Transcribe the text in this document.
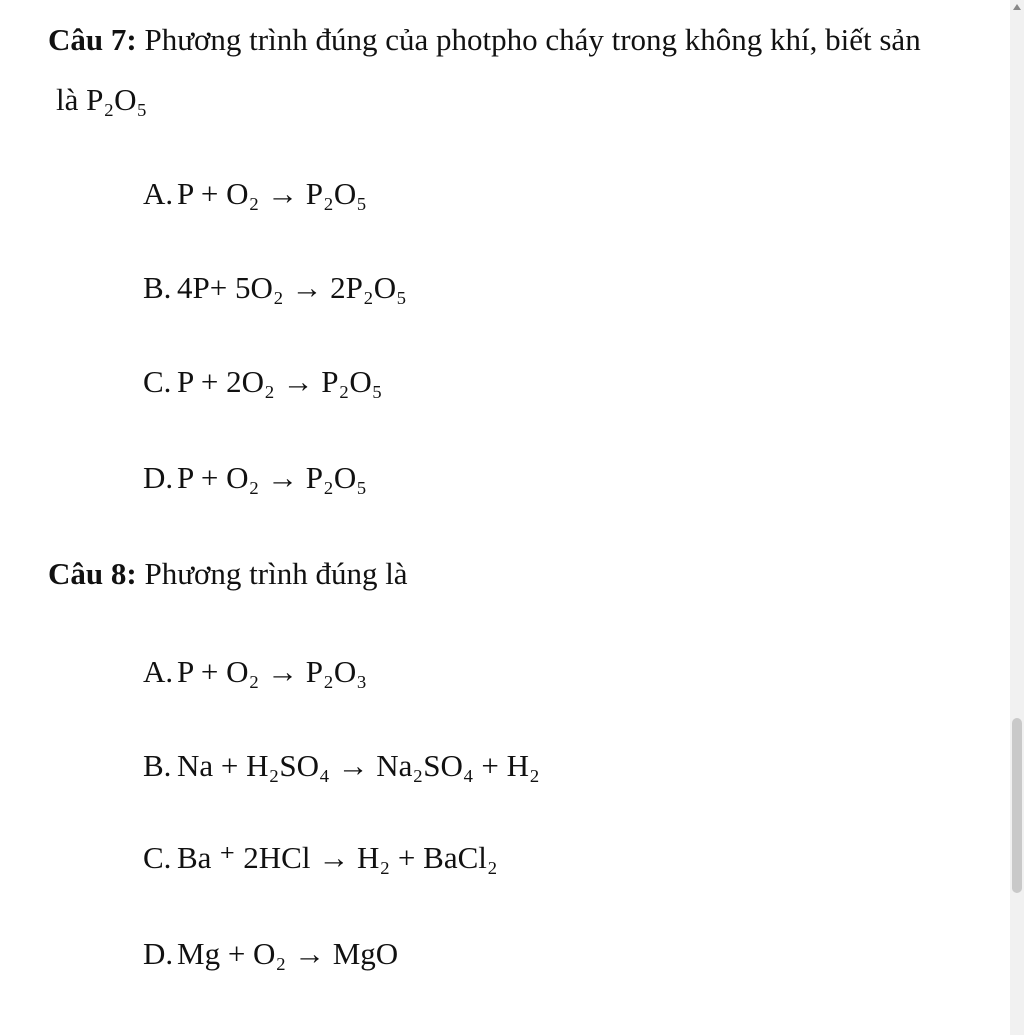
Câu 7: Phương trình đúng của photpho cháy trong không khí, biết sản
là P₂O₅
A. P + O₂ → P₂O₅
B. 4P+ 5O₂ → 2P₂O₅
C. P + 2O₂ → P₂O₅
D. P + O₂ → P₂O₅
Câu 8: Phương trình đúng là
A. P + O₂ → P₂O₃
B. Na + H₂SO₄ → Na₂SO₄ + H₂
C. Ba ⁺ 2HCl → H₂ + BaCl₂
D. Mg + O₂ → MgO
